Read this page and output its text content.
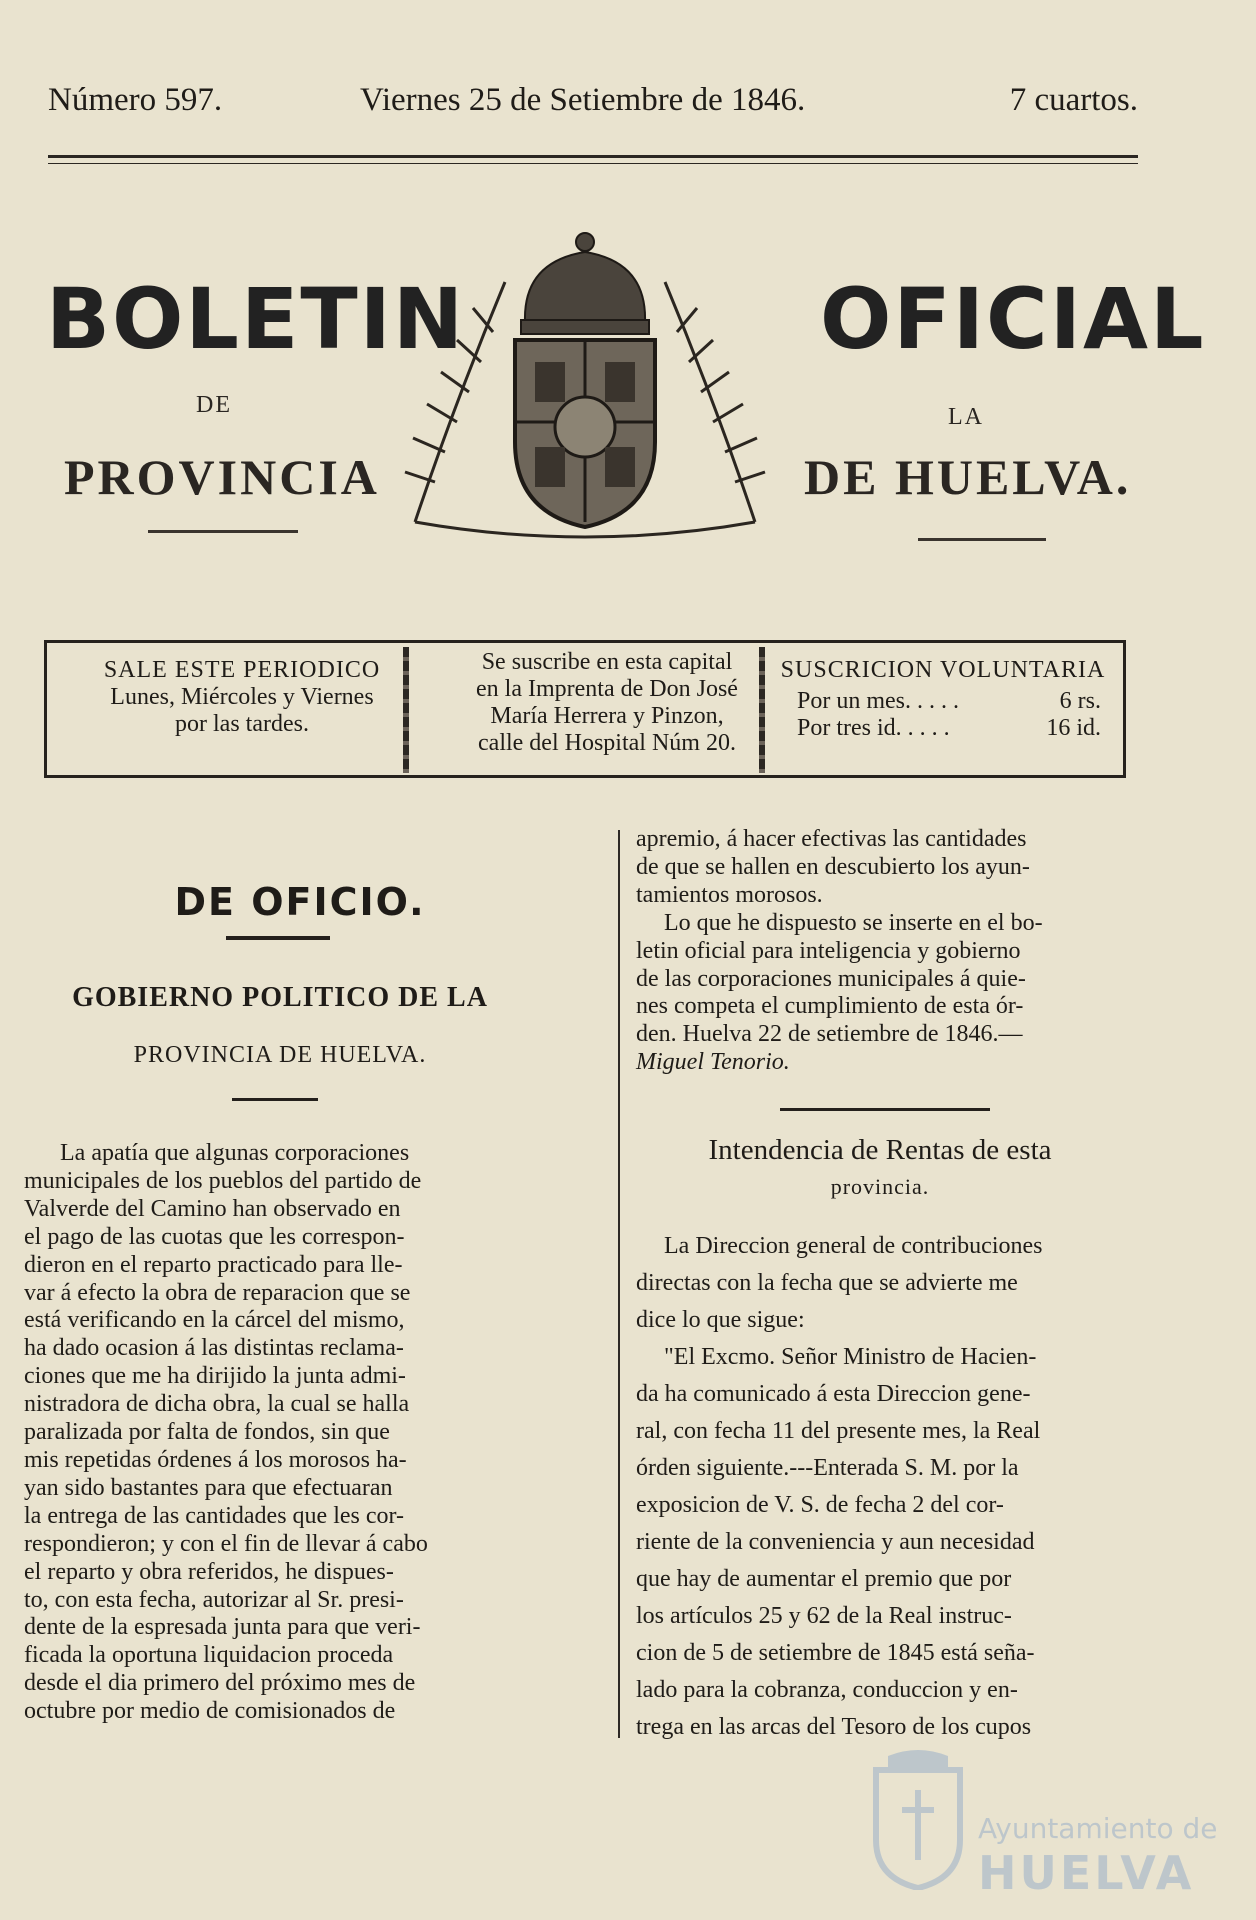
Número 597.	Viernes 25 de Setiembre de 1846.	7 cuartos.
BOLETIN
DE
PROVINCIA
OFICIAL
LA
DE HUELVA.
SALE ESTE PERIODICO
Lunes, Miércoles y Viernes
por las tardes.
Se suscribe en esta capital
en la Imprenta de Don José
María Herrera y Pinzon,
calle del Hospital Núm 20.
SUSCRICION VOLUNTARIA
Por un mes. . . . .	6 rs.
Por tres id. . . . .	16 id.
DE OFICIO.
GOBIERNO POLITICO DE LA
PROVINCIA DE HUELVA.

La apatía que algunas corporaciones

municipales de los pueblos del partido de

Valverde del Camino han observado en

el pago de las cuotas que les correspon-

dieron en el reparto practicado para lle-

var á efecto la obra de reparacion que se

está verificando en la cárcel del mismo,

ha dado ocasion á las distintas reclama-

ciones que me ha dirijido la junta admi-

nistradora de dicha obra, la cual se halla

paralizada por falta de fondos, sin que

mis repetidas órdenes á los morosos ha-

yan sido bastantes para que efectuaran

la entrega de las cantidades que les cor-

respondieron; y con el fin de llevar á cabo

el reparto y obra referidos, he dispues-

to, con esta fecha, autorizar al Sr. presi-

dente de la espresada junta para que veri-

ficada la oportuna liquidacion proceda

desde el dia primero del próximo mes de

octubre por medio de comisionados de

apremio, á hacer efectivas las cantidades

de que se hallen en descubierto los ayun-

tamientos morosos.

Lo que he dispuesto se inserte en el bo-

letin oficial para inteligencia y gobierno

de las corporaciones municipales á quie-

nes competa el cumplimiento de esta ór-

den. Huelva 22 de setiembre de 1846.—

Miguel Tenorio.

Intendencia de Rentas de esta
provincia.

La Direccion general de contribuciones

directas con la fecha que se advierte me

dice lo que sigue:

"El Excmo. Señor Ministro de Hacien-

da ha comunicado á esta Direccion gene-

ral, con fecha 11 del presente mes, la Real

órden siguiente.---Enterada S. M. por la

exposicion de V. S. de fecha 2 del cor-

riente de la conveniencia y aun necesidad

que hay de aumentar el premio que por

los artículos 25 y 62 de la Real instruc-

cion de 5 de setiembre de 1845 está seña-

lado para la cobranza, conduccion y en-

trega en las arcas del Tesoro de los cupos

Ayuntamiento de
HUELVA
